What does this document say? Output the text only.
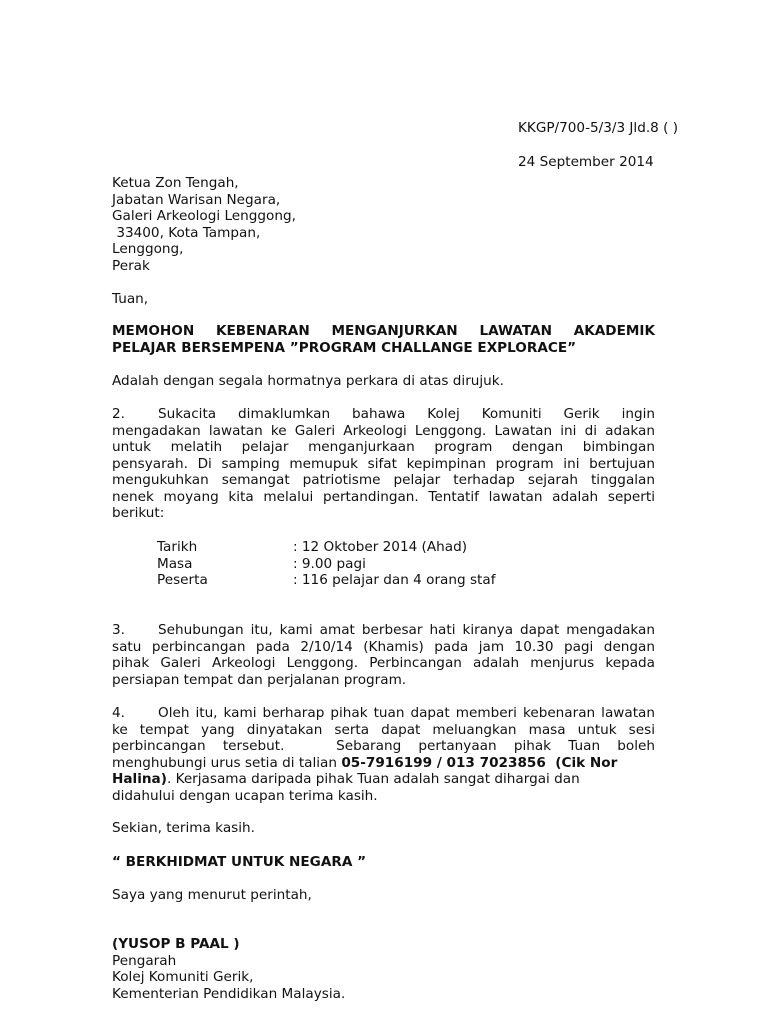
KKGP/700-5/3/3 Jld.8 ( )
24 September 2014
Ketua Zon Tengah,
Jabatan Warisan Negara,
Galeri Arkeologi Lenggong,
33400, Kota Tampan,
Lenggong,
Perak
Tuan,
MEMOHON KEBENARAN MENGANJURKAN LAWATAN AKADEMIK
PELAJAR BERSEMPENA ”PROGRAM CHALLANGE EXPLORACE”
Adalah dengan segala hormatnya perkara di atas dirujuk.
2.	Sukacita dimaklumkan bahawa Kolej Komuniti Gerik ingin
mengadakan lawatan ke Galeri Arkeologi Lenggong. Lawatan ini di adakan
untuk melatih pelajar menganjurkaan program dengan bimbingan
pensyarah. Di samping memupuk sifat kepimpinan program ini bertujuan
mengukuhkan semangat patriotisme pelajar terhadap sejarah tinggalan
nenek moyang kita melalui pertandingan. Tentatif lawatan adalah seperti
berikut:
Tarikh	: 12 Oktober 2014 (Ahad)
Masa	: 9.00 pagi
Peserta	: 116 pelajar dan 4 orang staf
3.	Sehubungan itu, kami amat berbesar hati kiranya dapat mengadakan
satu perbincangan pada 2/10/14 (Khamis) pada jam 10.30 pagi dengan
pihak Galeri Arkeologi Lenggong. Perbincangan adalah menjurus kepada
persiapan tempat dan perjalanan program.
4.	Oleh itu, kami berharap pihak tuan dapat memberi kebenaran lawatan
ke tempat yang dinyatakan serta dapat meluangkan masa untuk sesi
perbincangan tersebut.   Sebarang pertanyaan pihak Tuan boleh
menghubungi urus setia di talian 05-7916199 / 013 7023856  (Cik Nor
Halina). Kerjasama daripada pihak Tuan adalah sangat dihargai dan
didahului dengan ucapan terima kasih.
Sekian, terima kasih.
“ BERKHIDMAT UNTUK NEGARA ”
Saya yang menurut perintah,
(YUSOP B PAAL )
Pengarah
Kolej Komuniti Gerik,
Kementerian Pendidikan Malaysia.
